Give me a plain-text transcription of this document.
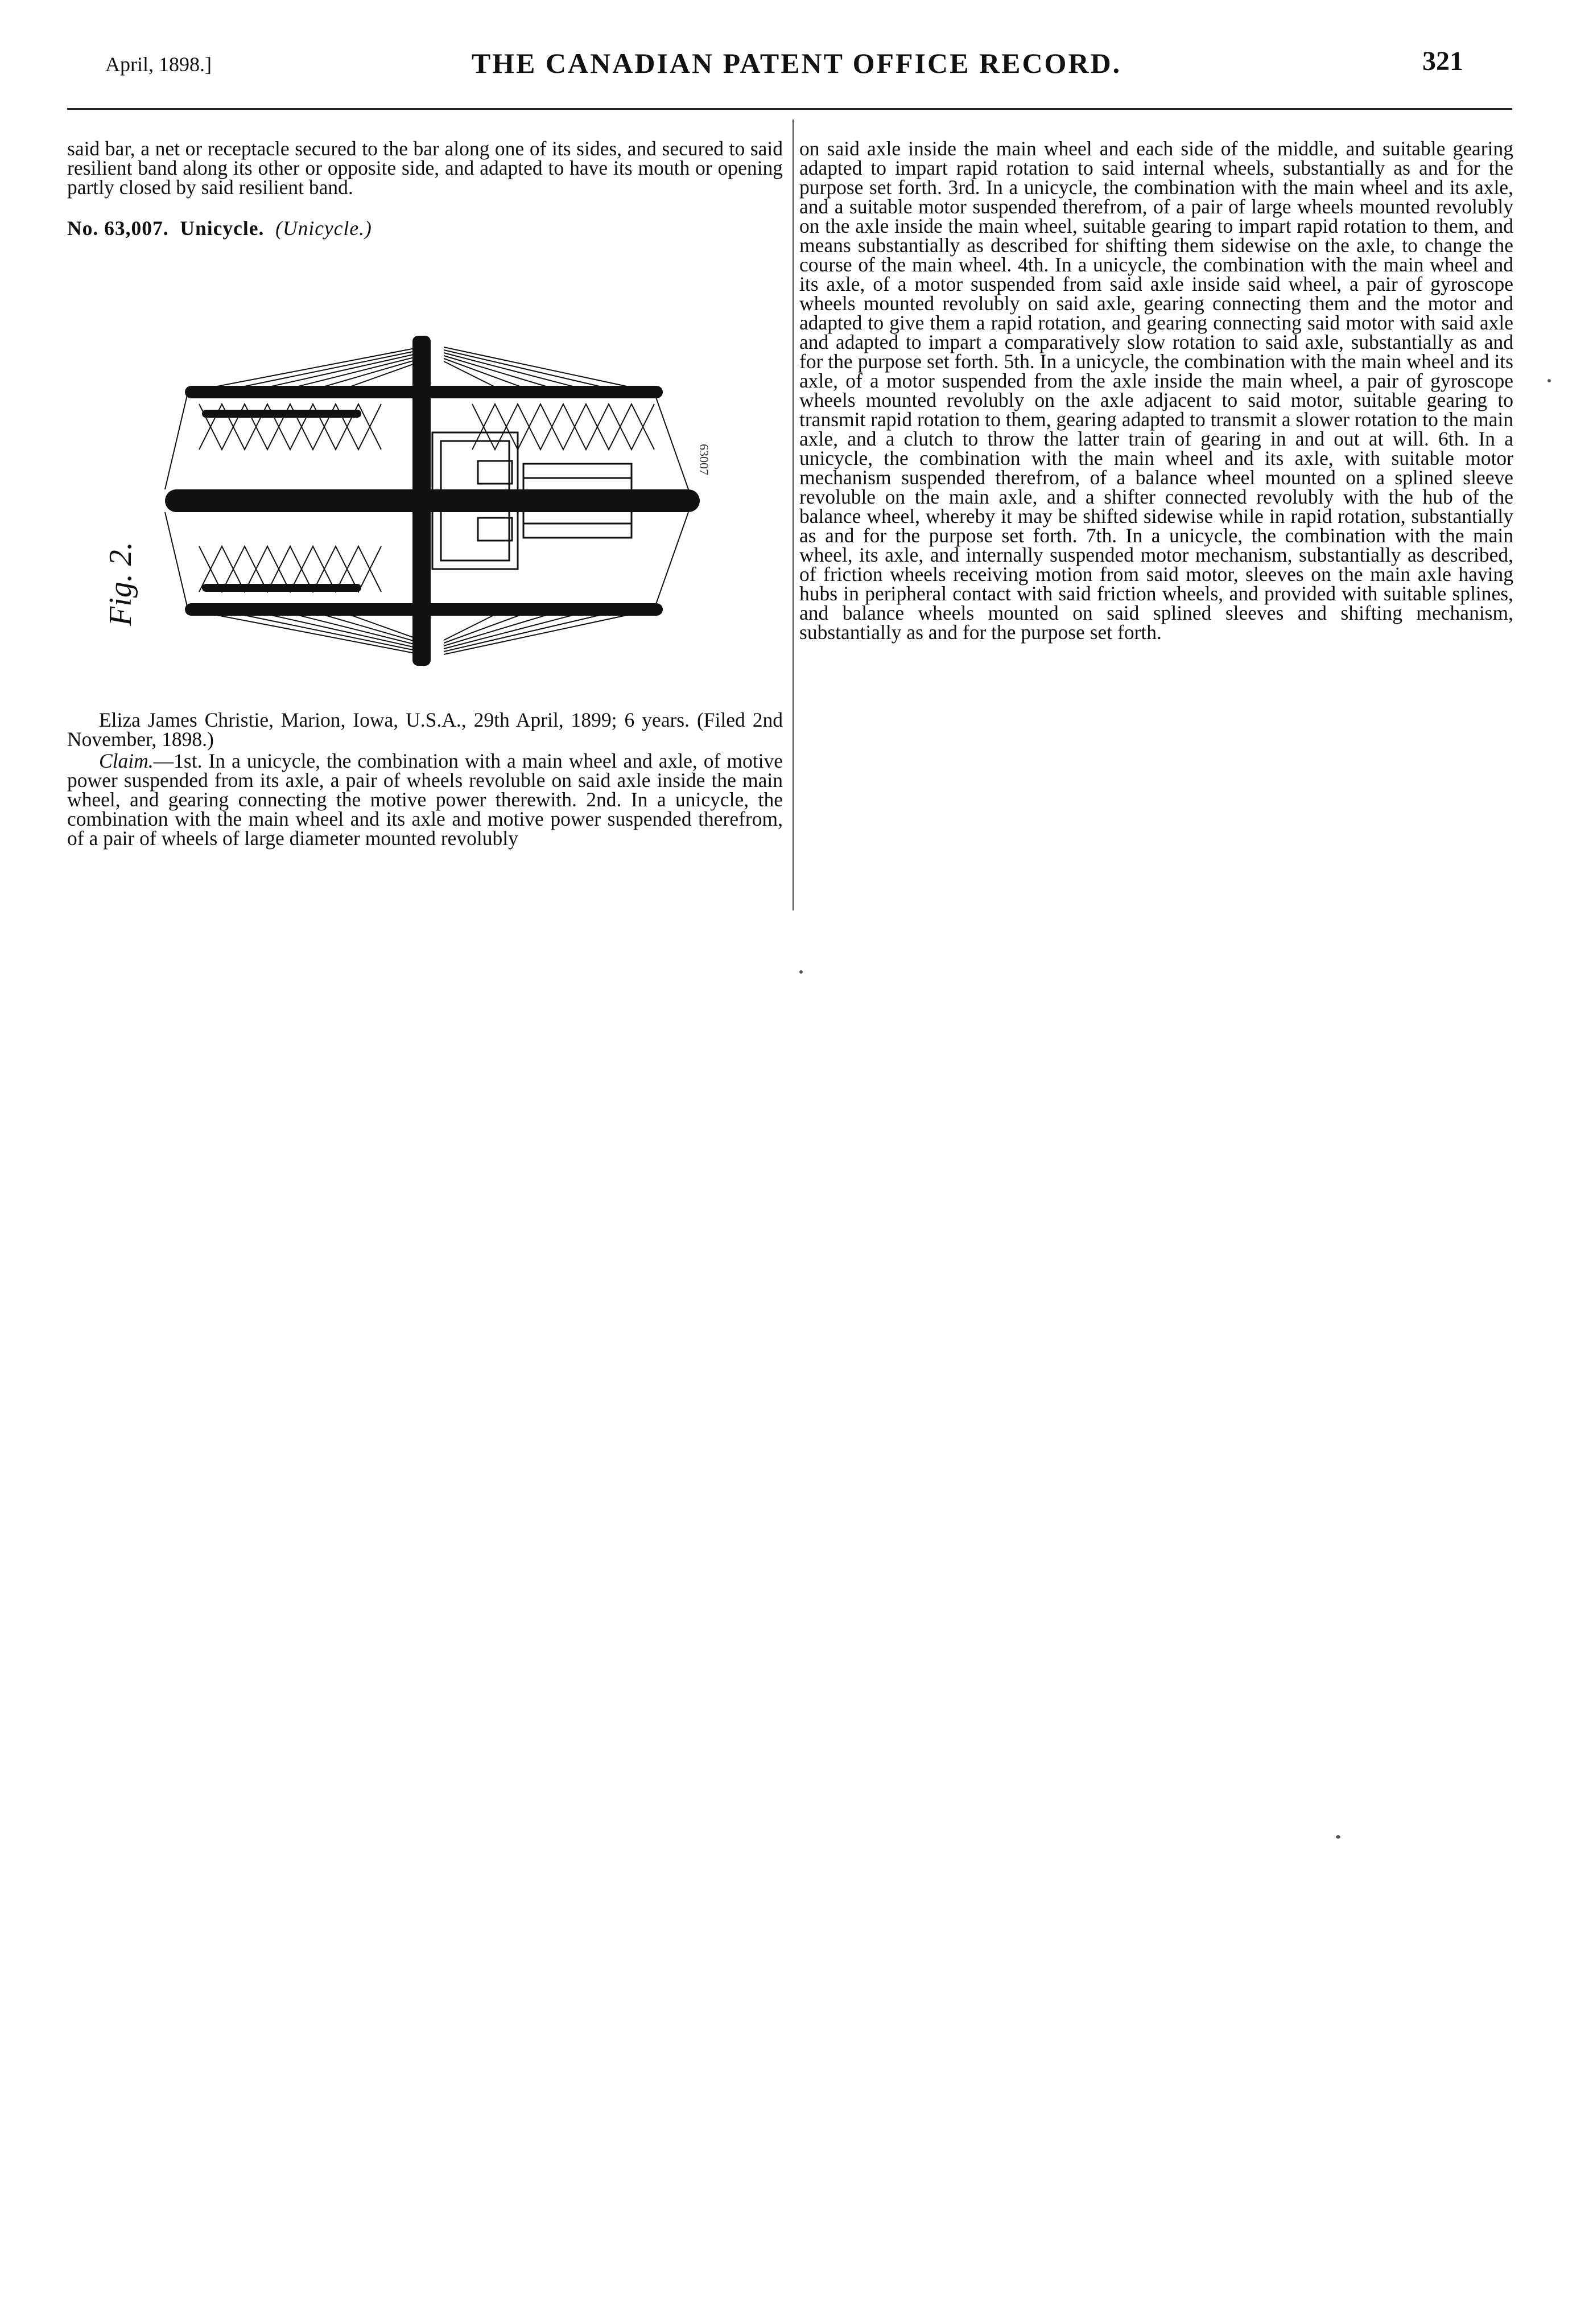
April, 1898.]	THE CANADIAN PATENT OFFICE RECORD.	321

said bar, a net or receptacle secured to the bar along one of its sides, and secured to said resilient band along its other or opposite side, and adapted to have its mouth or opening partly closed by said resilient band.

No. 63,007. Unicycle. (Unicycle.)

Fig. 2.
63007

Eliza James Christie, Marion, Iowa, U.S.A., 29th April, 1899; 6 years. (Filed 2nd November, 1898.)

Claim.—1st. In a unicycle, the combination with a main wheel and axle, of motive power suspended from its axle, a pair of wheels revoluble on said axle inside the main wheel, and gearing connecting the motive power therewith. 2nd. In a unicycle, the combination with the main wheel and its axle and motive power suspended therefrom, of a pair of wheels of large diameter mounted revolubly

on said axle inside the main wheel and each side of the middle, and suitable gearing adapted to impart rapid rotation to said internal wheels, substantially as and for the purpose set forth. 3rd. In a unicycle, the combination with the main wheel and its axle, and a suitable motor suspended therefrom, of a pair of large wheels mounted revolubly on the axle inside the main wheel, suitable gearing to impart rapid rotation to them, and means substantially as described for shifting them sidewise on the axle, to change the course of the main wheel. 4th. In a unicycle, the combination with the main wheel and its axle, of a motor suspended from said axle inside said wheel, a pair of gyroscope wheels mounted revolubly on said axle, gearing connecting them and the motor and adapted to give them a rapid rotation, and gearing connecting said motor with said axle and adapted to impart a comparatively slow rotation to said axle, substantially as and for the purpose set forth. 5th. In a unicycle, the combination with the main wheel and its axle, of a motor suspended from the axle inside the main wheel, a pair of gyroscope wheels mounted revolubly on the axle adjacent to said motor, suitable gearing to transmit rapid rotation to them, gearing adapted to transmit a slower rotation to the main axle, and a clutch to throw the latter train of gearing in and out at will. 6th. In a unicycle, the combination with the main wheel and its axle, with suitable motor mechanism suspended therefrom, of a balance wheel mounted on a splined sleeve revoluble on the main axle, and a shifter connected revolubly with the hub of the balance wheel, whereby it may be shifted sidewise while in rapid rotation, substantially as and for the purpose set forth. 7th. In a unicycle, the combination with the main wheel, its axle, and internally suspended motor mechanism, substantially as described, of friction wheels receiving motion from said motor, sleeves on the main axle having hubs in peripheral contact with said friction wheels, and provided with suitable splines, and balance wheels mounted on said splined sleeves and shifting mechanism, substantially as and for the purpose set forth.
